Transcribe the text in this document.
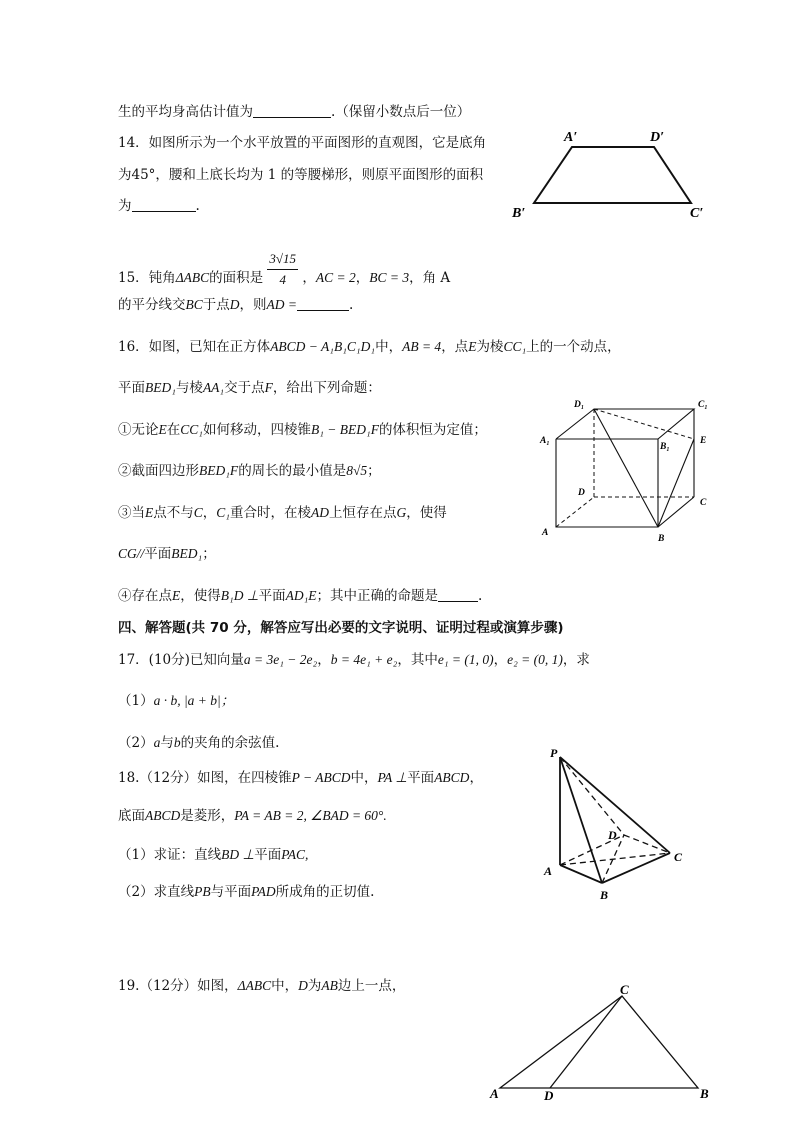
生的平均身高估计值为	.（保留小数点后一位）
14．如图所示为一个水平放置的平面图形的直观图，它是底角
为45°，腰和上底长均为 1 的等腰梯形，则原平面图形的面积
为	.
A′	D′
B′	C′
15．钝角ΔABC的面积是 $\frac{3√15}{4}$ ，AC = 2，BC = 3，角 A
的平分线交BC于点D，则AD =	.
16．如图，已知在正方体ABCD − A₁B₁C₁D₁中，AB = 4，点E为棱CC₁上的一个动点，
平面BED₁与棱AA₁交于点F，给出下列命题：
①无论E在CC₁如何移动，四棱锥B₁ − BED₁F的体积恒为定值；
②截面四边形BED₁F的周长的最小值是8√5；
③当E点不与C，C₁重合时，在棱AD上恒存在点G，使得
CG//平面BED₁；
④存在点E，使得B₁D ⊥平面AD₁E；其中正确的命题是	.
D₁	C₁
A₁
B₁
E
D
C
A
B
四、解答题(共 70 分，解答应写出必要的文字说明、证明过程或演算步骤)
17．(10分)已知向量a = 3e₁ − 2e₂，b = 4e₁ + e₂，其中e₁ = (1, 0)，e₂ = (0, 1)，求
（1）a · b, |a + b|；
（2）a与b的夹角的余弦值.
18.（12分）如图，在四棱锥P − ABCD中，PA ⊥平面ABCD，
底面ABCD是菱形，PA = AB = 2, ∠BAD = 60°.
（1）求证：直线BD ⊥平面PAC,
（2）求直线PB与平面PAD所成角的正切值.
P
D
A
C
B
19.（12分）如图，ΔABC中，D为AB边上一点，	C
A	D	B
